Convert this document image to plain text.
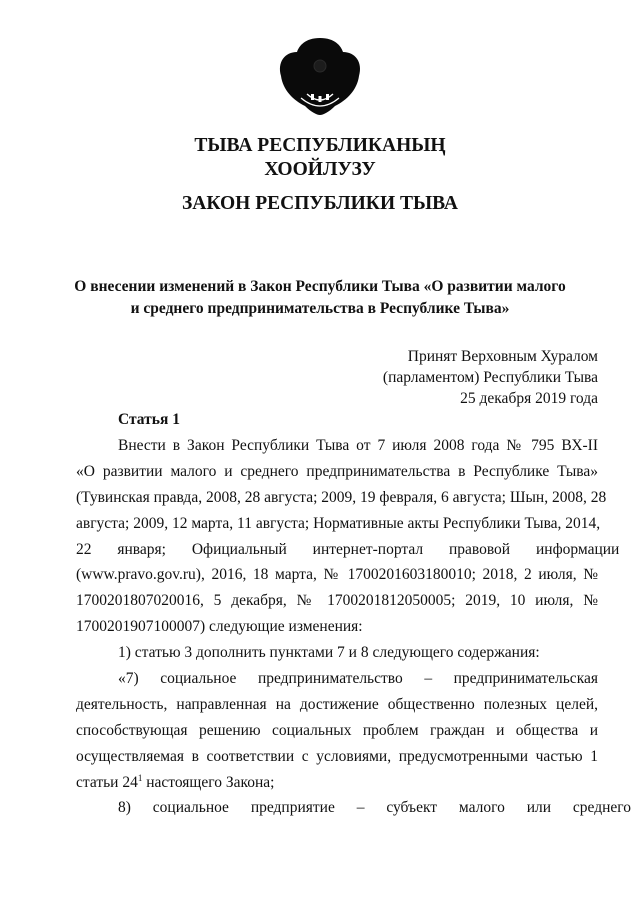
ТЫВА РЕСПУБЛИКАНЫҢ
ХООЙЛУЗУ
ЗАКОН РЕСПУБЛИКИ ТЫВА
О внесении изменений в Закон Республики Тыва «О развитии малого
и среднего предпринимательства в Республике Тыва»
Принят Верховным Хуралом
(парламентом) Республики Тыва
25 декабря 2019 года
Статья 1
Внести в Закон Республики Тыва от 7 июля 2008 года № 795 ВХ-II
«О развитии малого и среднего предпринимательства в Республике Тыва»
(Тувинская правда, 2008, 28 августа; 2009, 19 февраля, 6 августа; Шын, 2008, 28
августа; 2009, 12 марта, 11 августа; Нормативные акты Республики Тыва, 2014,
22 января; Официальный интернет-портал правовой информации
(www.pravo.gov.ru), 2016, 18 марта, № 1700201603180010; 2018, 2 июля, №
1700201807020016, 5 декабря, № 1700201812050005; 2019, 10 июля, №
1700201907100007) следующие изменения:
1) статью 3 дополнить пунктами 7 и 8 следующего содержания:
«7) социальное предпринимательство – предпринимательская
деятельность, направленная на достижение общественно полезных целей,
способствующая решению социальных проблем граждан и общества и
осуществляемая в соответствии с условиями, предусмотренными частью 1
статьи $24^1$ настоящего Закона;
8) социальное предприятие – субъект малого или среднего
